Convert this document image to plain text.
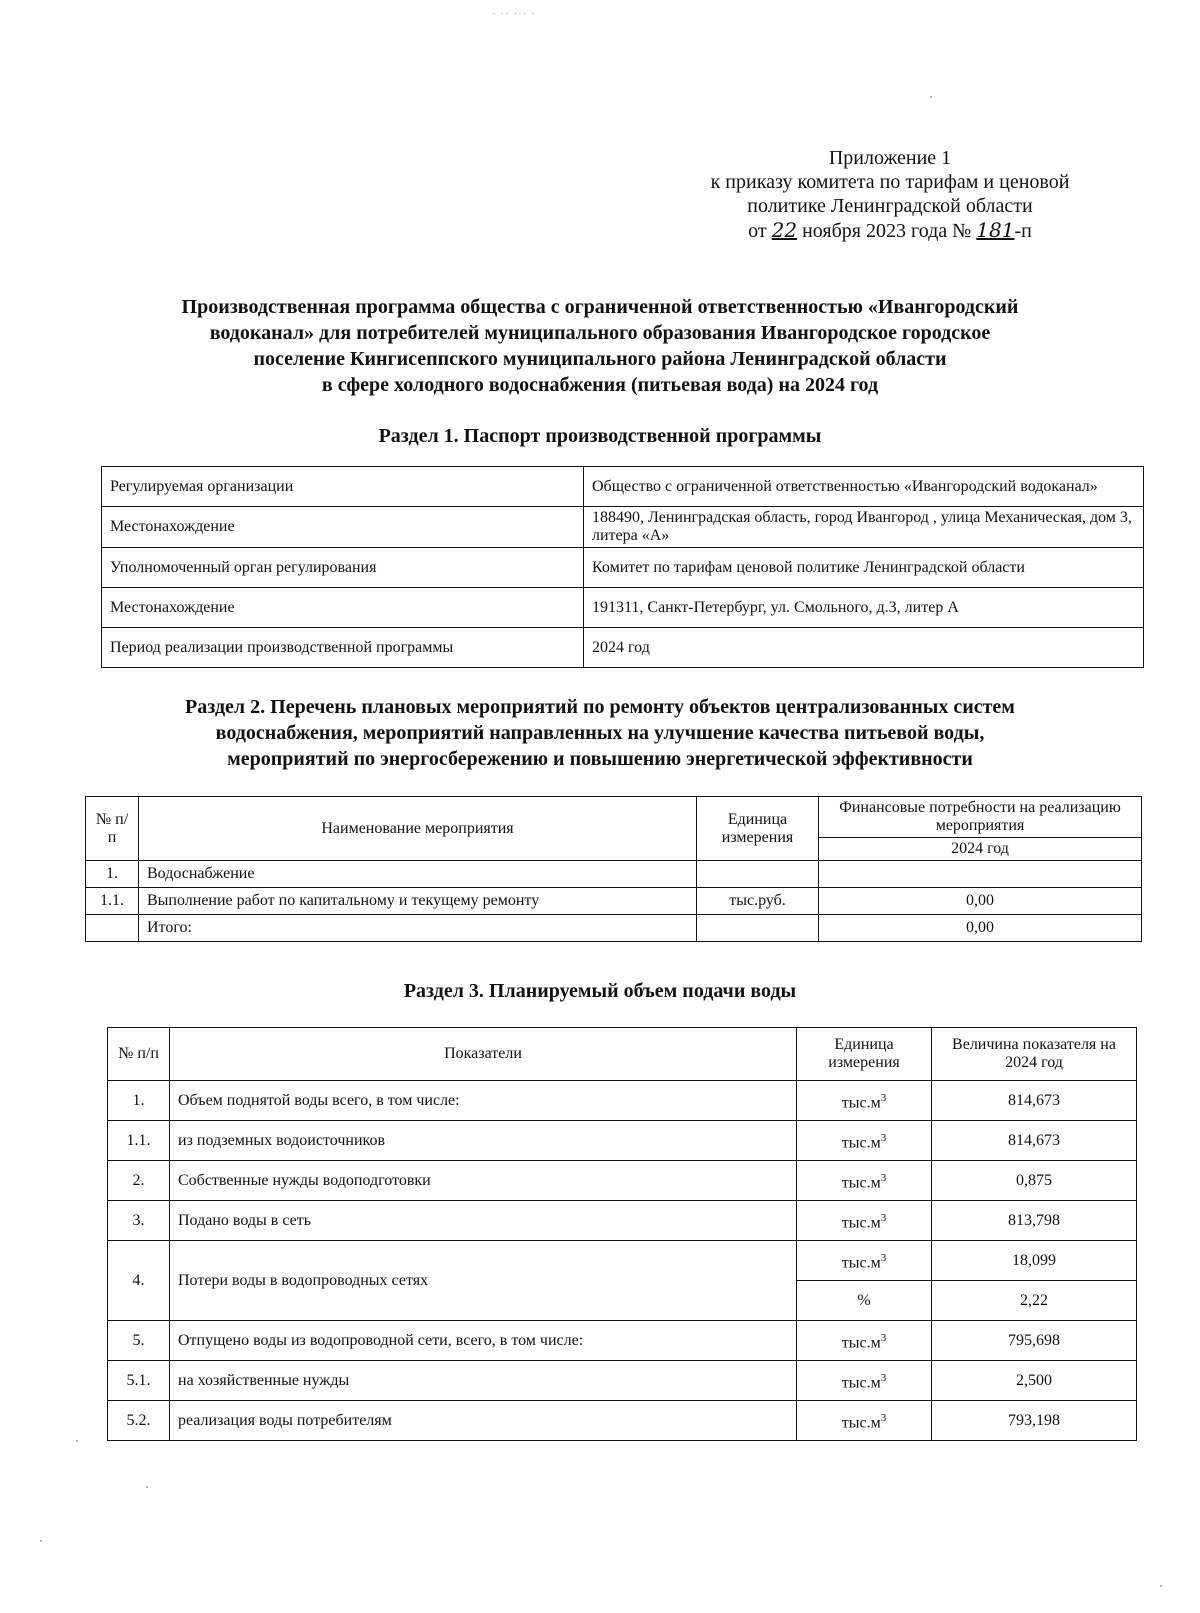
· ·· ··· ·
Приложение 1
к приказу комитета по тарифам и ценовой
политике Ленинградской области
от 22 ноября 2023 года № 181-п
Производственная программа общества с ограниченной ответственностью «Ивангородский
водоканал» для потребителей муниципального образования Ивангородское городское
поселение Кингисеппского муниципального района Ленинградской области
в сфере холодного водоснабжения (питьевая вода) на 2024 год
Раздел 1. Паспорт производственной программы
Регулируемая организации	Общество с ограниченной ответственностью «Ивангородский водоканал»
Местонахождение	188490, Ленинградская область, город Ивангород , улица Механическая, дом 3, литера «А»
Уполномоченный орган регулирования	Комитет по тарифам ценовой политике Ленинградской области
Местонахождение	191311, Санкт-Петербург, ул. Смольного, д.3, литер А
Период реализации производственной программы	2024 год
Раздел 2. Перечень плановых мероприятий по ремонту объектов централизованных систем
водоснабжения, мероприятий направленных на улучшение качества питьевой воды,
мероприятий по энергосбережению и повышению энергетической эффективности
№ п/п	Наименование мероприятия	Единица измерения	Финансовые потребности на реализацию мероприятия
			2024 год
1.	Водоснабжение		
1.1.	Выполнение работ по капитальному и текущему ремонту	тыс.руб.	0,00
	Итого:		0,00
Раздел 3. Планируемый объем подачи воды
№ п/п	Показатели	Единица измерения	Величина показателя на 2024 год
1.	Объем поднятой воды всего, в том числе:	$тыс.м^3$	814,673
1.1.	из подземных водоисточников	$тыс.м^3$	814,673
2.	Собственные нужды водоподготовки	$тыс.м^3$	0,875
3.	Подано воды в сеть	$тыс.м^3$	813,798
4.	Потери воды в водопроводных сетях	$тыс.м^3$	18,099
		%	2,22
5.	Отпущено воды из водопроводной сети, всего, в том числе:	$тыс.м^3$	795,698
5.1.	на хозяйственные нужды	$тыс.м^3$	2,500
5.2.	реализация воды потребителям	$тыс.м^3$	793,198
